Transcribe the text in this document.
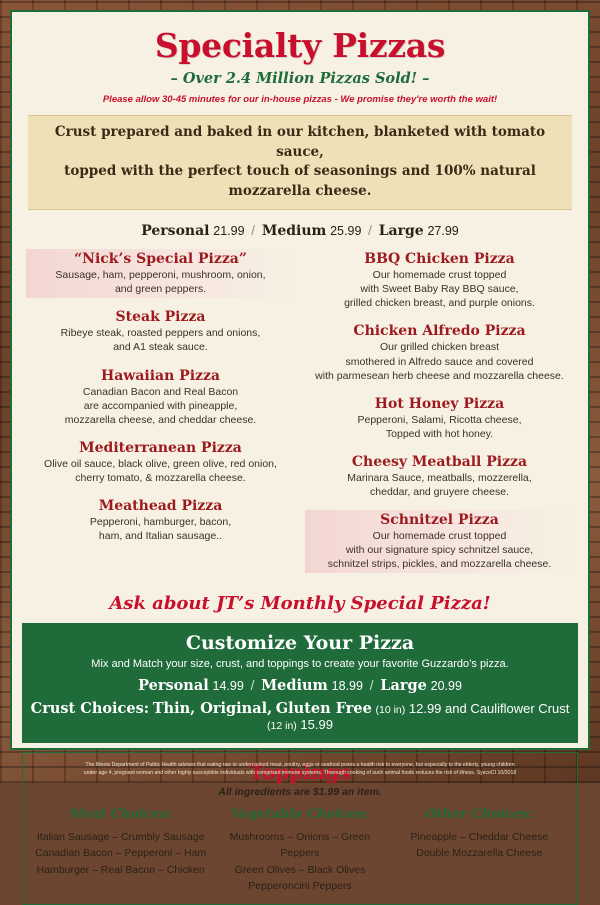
Specialty Pizzas
– Over 2.4 Million Pizzas Sold! –
Please allow 30-45 minutes for our in-house pizzas - We promise they're worth the wait!
Crust prepared and baked in our kitchen, blanketed with tomato sauce,
topped with the perfect touch of seasonings and 100% natural mozzarella cheese.
Personal 21.99 / Medium 25.99 / Large 27.99
“Nick’s Special Pizza”

Sausage, ham, pepperoni, mushroom, onion,

and green peppers.

Steak Pizza

Ribeye steak, roasted peppers and onions,

and A1 steak sauce.

Hawaiian Pizza

Canadian Bacon and Real Bacon

are accompanied with pineapple,

mozzarella cheese, and cheddar cheese.

Mediterranean Pizza

Olive oil sauce, black olive, green olive, red onion,

cherry tomato, & mozzarella cheese.

Meathead Pizza

Pepperoni, hamburger, bacon,

ham, and Italian sausage..

BBQ Chicken Pizza

Our homemade crust topped

with Sweet Baby Ray BBQ sauce,

grilled chicken breast, and purple onions.

Chicken Alfredo Pizza

Our grilled chicken breast

smothered in Alfredo sauce and covered

with parmesean herb cheese and mozzarella cheese.

Hot Honey Pizza

Pepperoni, Salami, Ricotta cheese,

Topped with hot honey.

Cheesy Meatball Pizza

Marinara Sauce, meatballs, mozzerella,

cheddar, and gruyere cheese.

Schnitzel Pizza

Our homemade crust topped

with our signature spicy schnitzel sauce,

schnitzel strips, pickles, and mozzarella cheese.

Ask about JT’s Monthly Special Pizza!
Customize Your Pizza
Mix and Match your size, crust, and toppings to create your favorite Guzzardo’s pizza.
Personal 14.99 / Medium 18.99 / Large 20.99
Crust Choices: Thin, Original, Gluten Free (10 in) 12.99 and Cauliflower Crust (12 in) 15.99
Toppings
All ingredients are $1.99 an item.
Meat Choices:

Italian Sausage – Crumbly Sausage

Canadian Bacon – Pepperoni – Ham

Hamburger – Real Bacon – Chicken

Vegetable Choices:

Mushrooms – Onions – Green Peppers

Green Olives – Black Olives

Pepperoncini Peppers

Other Choices:

Pineapple – Cheddar Cheese

Double Mozzarella Cheese

The Illinois Department of Public Health advises that eating raw or undercooked meat, poultry, eggs or seafood poses a health risk to everyone, but especially to the elderly, young children
under age 4, pregnant woman and other highly susceptible individuals with comprised immune systems. Thorough cooking of such animal foods reduces the risk of illness. SyscoCI 10/2018
